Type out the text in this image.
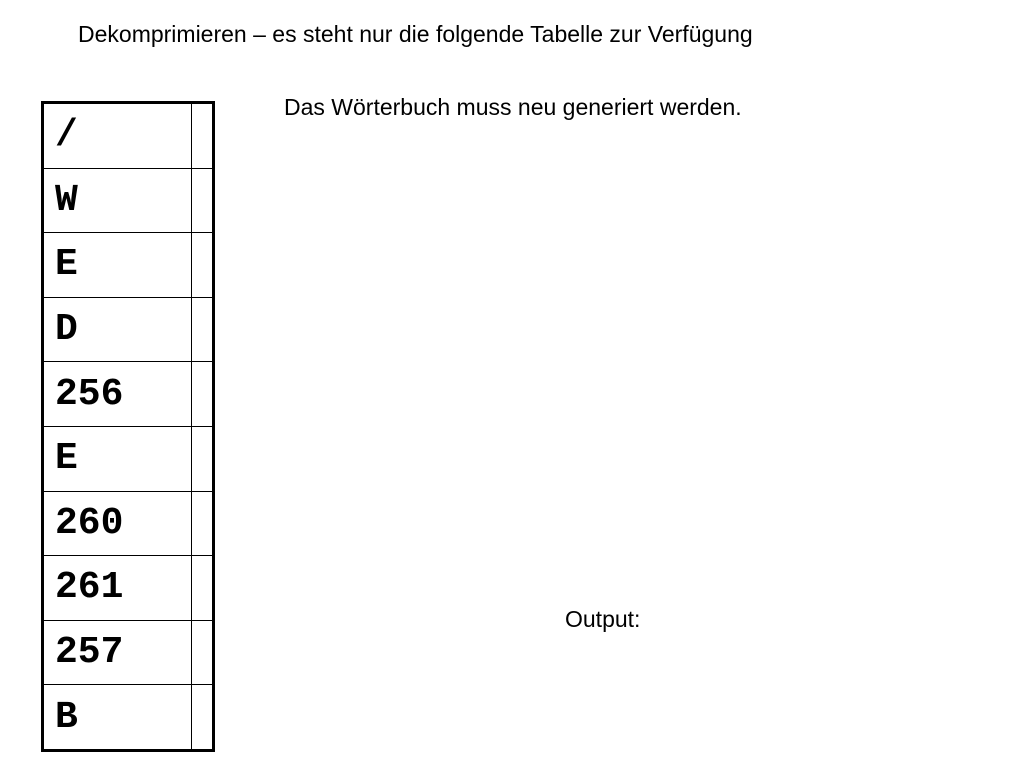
Dekomprimieren – es steht nur die folgende Tabelle zur Verfügung
Das Wörterbuch muss neu generiert werden.
/
W
E
D
256
E
260
261
257
B
Output:
